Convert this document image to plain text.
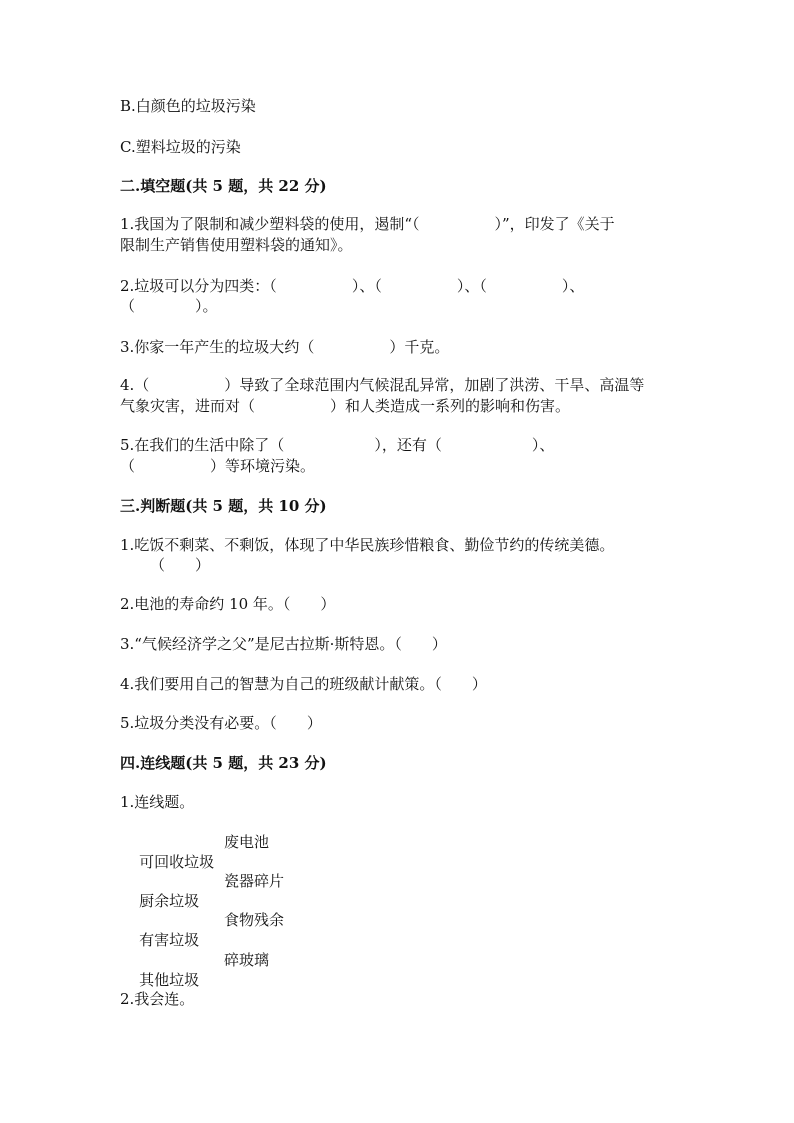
B.白颜色的垃圾污染

C.塑料垃圾的污染

二.填空题(共 5 题，共 22 分)

1.我国为了限制和减少塑料袋的使用，遏制“（　　　　　）”，印发了《关于

限制生产销售使用塑料袋的通知》。

2.垃圾可以分为四类：（　　　　　）、（　　　　　）、（　　　　　）、

（　　　　）。

3.你家一年产生的垃圾大约（　　　　　）千克。

4.（　　　　　）导致了全球范围内气候混乱异常，加剧了洪涝、干旱、高温等

气象灾害，进而对（　　　　　）和人类造成一系列的影响和伤害。

5.在我们的生活中除了（　　　　　　），还有（　　　　　　）、

（　　　　　）等环境污染。

三.判断题(共 5 题，共 10 分)

1.吃饭不剩菜、不剩饭，体现了中华民族珍惜粮食、勤俭节约的传统美德。

（　　）

2.电池的寿命约 10 年。（　　）

3.“气候经济学之父”是尼古拉斯·斯特恩。（　　）

4.我们要用自己的智慧为自己的班级献计献策。（　　）

5.垃圾分类没有必要。（　　）

四.连线题(共 5 题，共 23 分)

1.连线题。

可回收垃圾

废电池

厨余垃圾

瓷器碎片

有害垃圾

食物残余

其他垃圾

碎玻璃

2.我会连。
